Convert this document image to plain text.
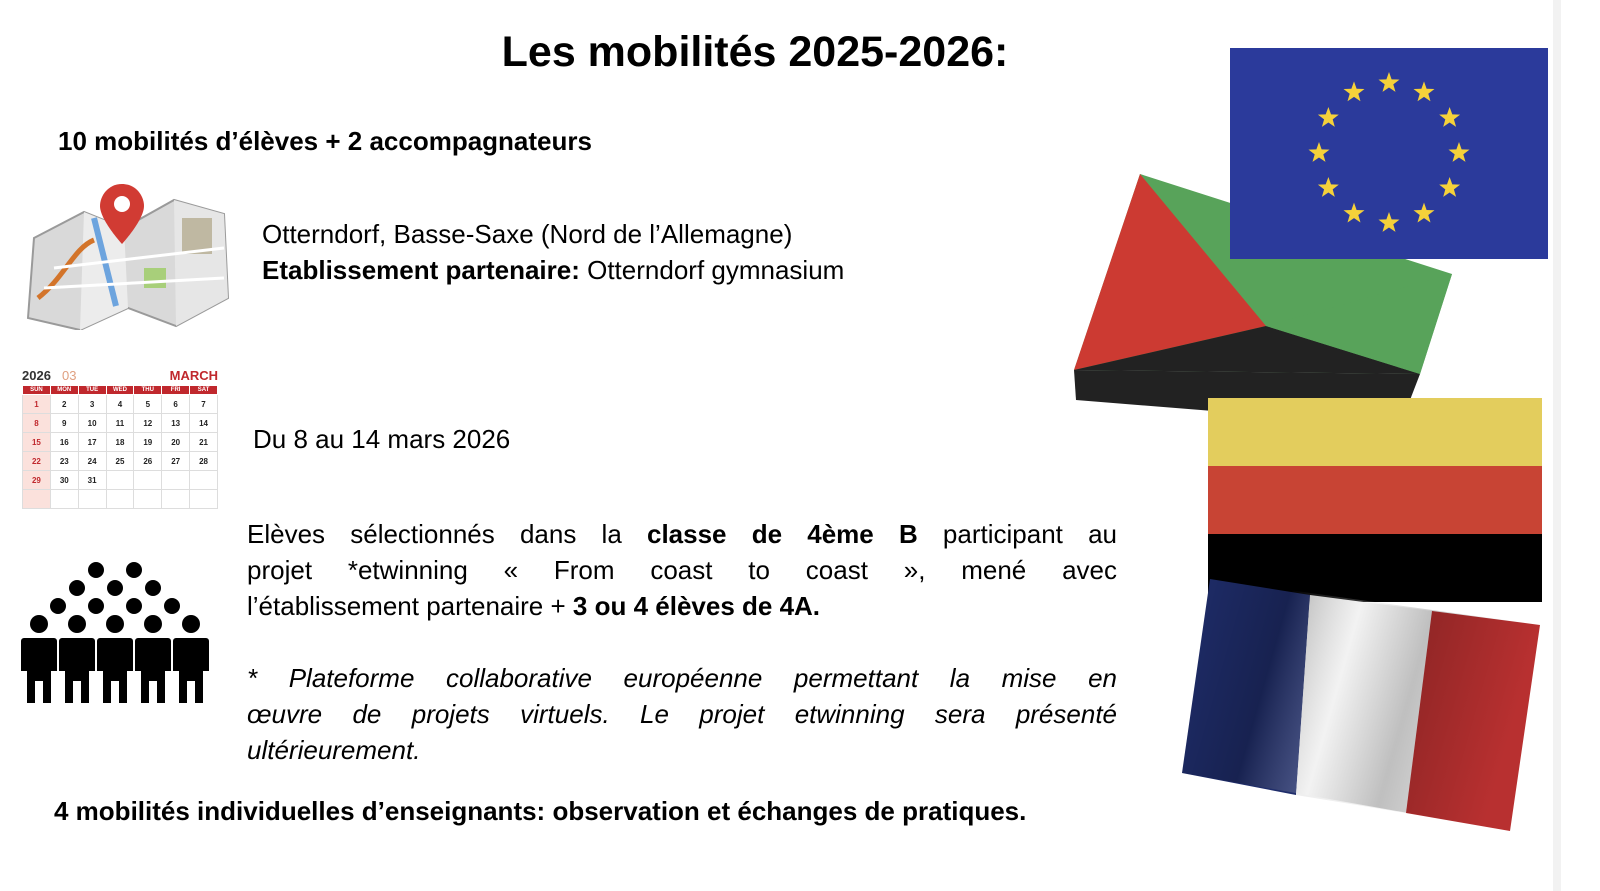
Les mobilités 2025-2026:
10 mobilités d’élèves + 2 accompagnateurs
Otterndorf, Basse-Saxe (Nord de l’Allemagne)
Etablissement partenaire: Otterndorf gymnasium
2026 03	MARCH
SUN	MON	TUE	WED	THU	FRI	SAT
1	2	3	4	5	6	7
8	9	10	11	12	13	14
15	16	17	18	19	20	21
22	23	24	25	26	27	28
29	30	31				

Du 8 au 14 mars 2026
Elèves sélectionnés dans la classe de 4ème B participant au
projet *etwinning « From coast to coast », mené avec
l’établissement partenaire + 3 ou 4 élèves de 4A.
* Plateforme collaborative européenne permettant la mise en
œuvre de projets virtuels. Le projet etwinning sera présenté
ultérieurement.
4 mobilités individuelles d’enseignants: observation et échanges de pratiques.
